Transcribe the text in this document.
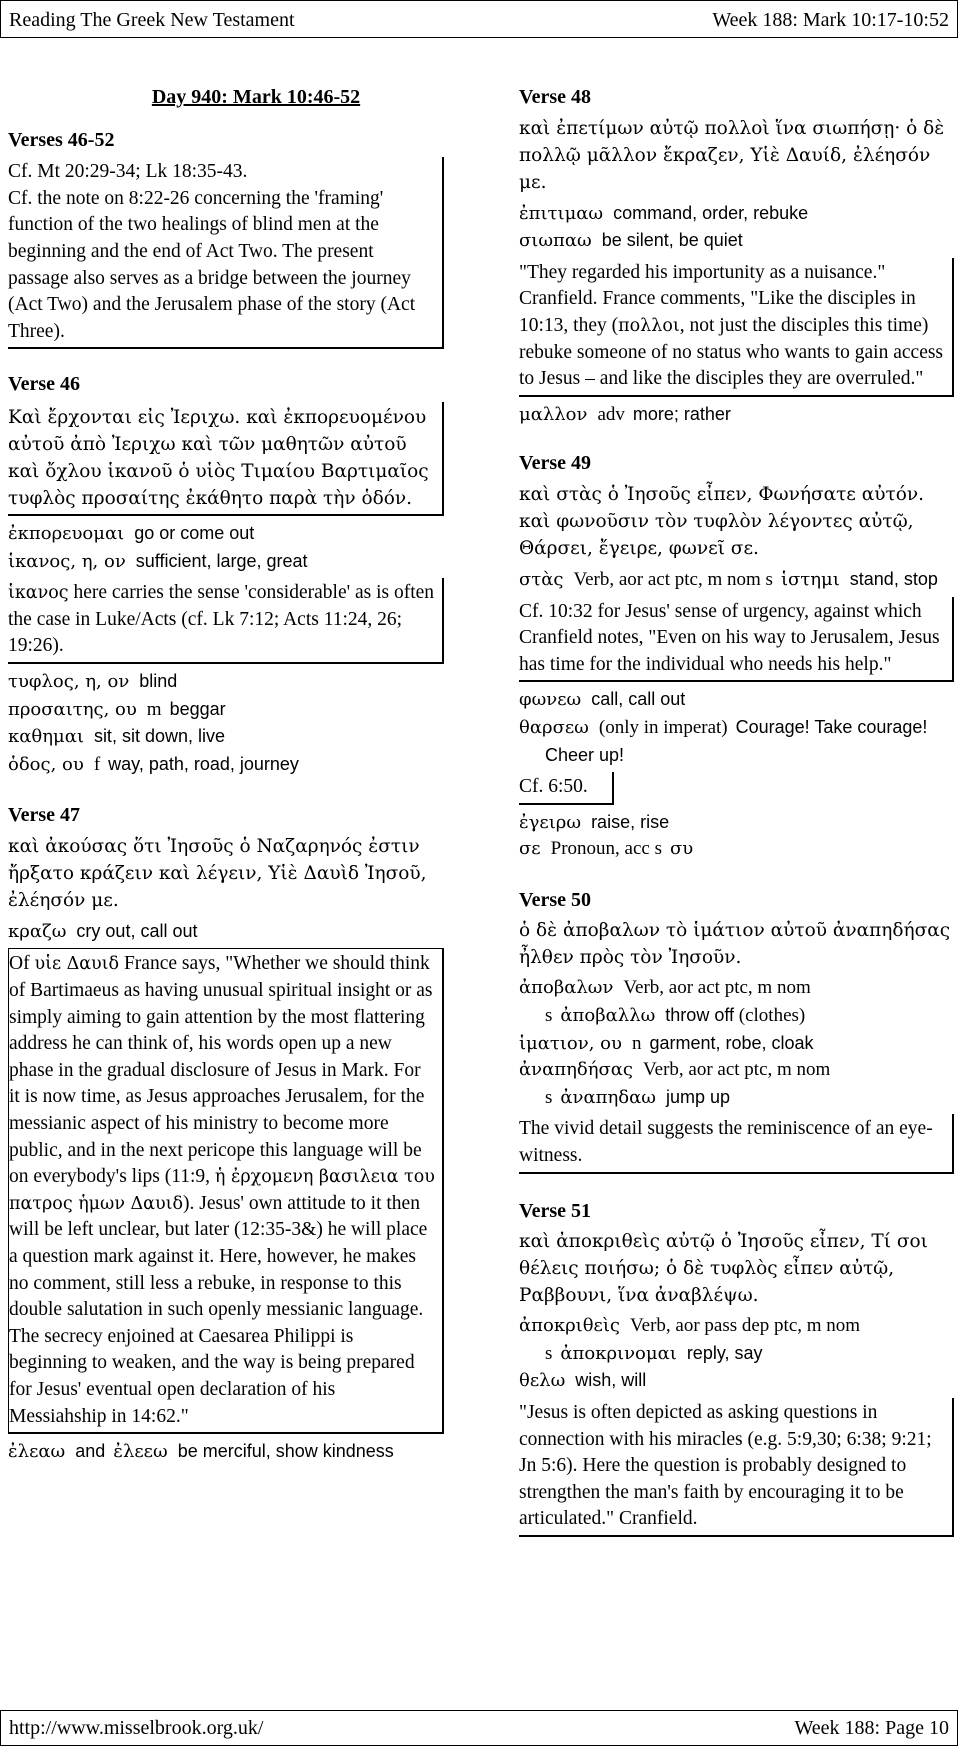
Reading The Greek New Testament	Week 188: Mark 10:17-10:52
Day 940: Mark 10:46-52
Verses 46-52

Cf. Mt 20:29-34; Lk 18:35-43.
Cf. the note on 8:22-26 concerning the 'framing' function of the two healings of blind men at the beginning and the end of Act Two. The present passage also serves as a bridge between the journey (Act Two) and the Jerusalem phase of the story (Act Three).

Verse 46
Καὶ ἔρχονται εἰς Ἰεριχω. καὶ ἐκπορευομένου αὐτοῦ ἀπὸ Ἰεριχω καὶ τῶν μαθητῶν αὐτοῦ καὶ ὄχλου ἱκανοῦ ὁ υἱὸς Τιμαίου Βαρτιμαῖος τυφλὸς προσαίτης ἐκάθητο παρὰ τὴν ὁδόν.

ἐκπορευομαι go or come out

ἱκανος, η, ον sufficient, large, great

ἱκανος here carries the sense 'considerable' as is often the case in Luke/Acts (cf. Lk 7:12; Acts 11:24, 26; 19:26).

τυφλος, η, ον blind

προσαιτης, ου m beggar

καθημαι sit, sit down, live

ὁδος, ου f way, path, road, journey

Verse 47
καὶ ἀκούσας ὅτι Ἰησοῦς ὁ Ναζαρηνός ἐστιν ἤρξατο κράζειν καὶ λέγειν, Υἱὲ Δαυὶδ Ἰησοῦ, ἐλέησόν με.

κραζω cry out, call out

Of υἱε Δαυιδ France says, "Whether we should think of Bartimaeus as having unusual spiritual insight or as simply aiming to gain attention by the most flattering address he can think of, his words open up a new phase in the gradual disclosure of Jesus in Mark. For it is now time, as Jesus approaches Jerusalem, for the messianic aspect of his ministry to become more public, and in the next pericope this language will be on everybody's lips (11:9, ἡ ἐρχομενη βασιλεια του πατρος ἡμων Δαυιδ). Jesus' own attitude to it then will be left unclear, but later (12:35-3&) he will place a question mark against it. Here, however, he makes no comment, still less a rebuke, in response to this double salutation in such openly messianic language. The secrecy enjoined at Caesarea Philippi is beginning to weaken, and the way is being prepared for Jesus' eventual open declaration of his Messiahship in 14:62."

ἐλεαω and ἐλεεω be merciful, show kindness

Verse 48
καὶ ἐπετίμων αὐτῷ πολλοὶ ἵνα σιωπήσῃ· ὁ δὲ πολλῷ μᾶλλον ἔκραζεν, Υἱὲ Δαυίδ, ἐλέησόν με.

ἐπιτιμαω command, order, rebuke

σιωπαω be silent, be quiet

"They regarded his importunity as a nuisance." Cranfield. France comments, "Like the disciples in 10:13, they (πολλοι, not just the disciples this time) rebuke someone of no status who wants to gain access to Jesus – and like the disciples they are overruled."

μαλλον adv more; rather

Verse 49
καὶ στὰς ὁ Ἰησοῦς εἶπεν, Φωνήσατε αὐτόν. καὶ φωνοῦσιν τὸν τυφλὸν λέγοντες αὐτῷ, Θάρσει, ἔγειρε, φωνεῖ σε.

στὰς Verb, aor act ptc, m nom s ἱστημι stand, stop

Cf. 10:32 for Jesus' sense of urgency, against which Cranfield notes, "Even on his way to Jerusalem, Jesus has time for the individual who needs his help."

φωνεω call, call out

θαρσεω (only in imperat) Courage! Take courage! Cheer up!

Cf. 6:50.

ἐγειρω raise, rise

σε Pronoun, acc s συ

Verse 50
ὁ δὲ ἀποβαλων τὸ ἱμάτιον αὐτοῦ ἀναπηδήσας ἦλθεν πρὸς τὸν Ἰησοῦν.

ἀποβαλων Verb, aor act ptc, m nom s ἀποβαλλω throw off (clothes)

ἱματιον, ου n garment, robe, cloak

ἀναπηδήσας Verb, aor act ptc, m nom s ἀναπηδαω jump up

The vivid detail suggests the reminiscence of an eye-witness.

Verse 51
καὶ ἀποκριθεὶς αὐτῷ ὁ Ἰησοῦς εἶπεν, Τί σοι θέλεις ποιήσω; ὁ δὲ τυφλὸς εἶπεν αὐτῷ, Ραββουνι, ἵνα ἀναβλέψω.

ἀποκριθεὶς Verb, aor pass dep ptc, m nom s ἀποκρινομαι reply, say

θελω wish, will

"Jesus is often depicted as asking questions in connection with his miracles (e.g. 5:9,30; 6:38; 9:21; Jn 5:6). Here the question is probably designed to strengthen the man's faith by encouraging it to be articulated." Cranfield.

http://www.misselbrook.org.uk/	Week 188: Page 10
